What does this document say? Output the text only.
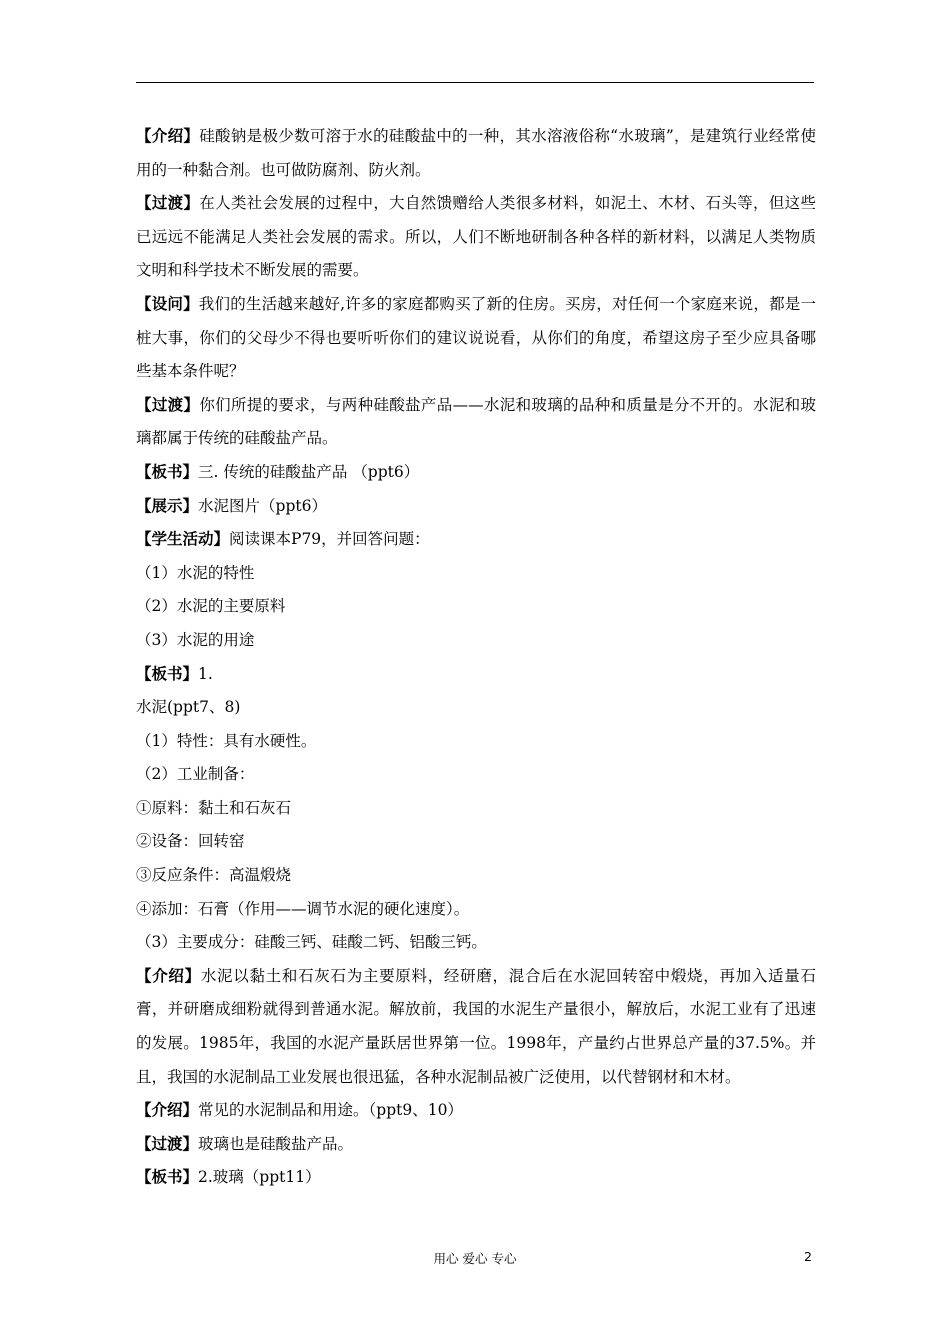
【介绍】硅酸钠是极少数可溶于水的硅酸盐中的一种，其水溶液俗称“水玻璃”，是建筑行业经常使用的一种黏合剂。也可做防腐剂、防火剂。

【过渡】在人类社会发展的过程中，大自然馈赠给人类很多材料，如泥土、木材、石头等，但这些已远远不能满足人类社会发展的需求。所以，人们不断地研制各种各样的新材料，以满足人类物质文明和科学技术不断发展的需要。

【设问】我们的生活越来越好,许多的家庭都购买了新的住房。买房，对任何一个家庭来说，都是一桩大事，你们的父母少不得也要听听你们的建议说说看，从你们的角度，希望这房子至少应具备哪些基本条件呢？

【过渡】你们所提的要求，与两种硅酸盐产品——水泥和玻璃的品种和质量是分不开的。水泥和玻璃都属于传统的硅酸盐产品。

【板书】三. 传统的硅酸盐产品 （ppt6）

【展示】水泥图片（ppt6）

【学生活动】阅读课本P79，并回答问题：

（1）水泥的特性

（2）水泥的主要原料

（3）水泥的用途

【板书】1.

水泥(ppt7、8)

（1）特性：具有水硬性。

（2）工业制备：

①原料：黏土和石灰石

②设备：回转窑

③反应条件：高温煅烧

④添加：石膏（作用——调节水泥的硬化速度）。

（3）主要成分：硅酸三钙、硅酸二钙、铝酸三钙。

【介绍】水泥以黏土和石灰石为主要原料，经研磨，混合后在水泥回转窑中煅烧，再加入适量石膏，并研磨成细粉就得到普通水泥。解放前，我国的水泥生产量很小，解放后，水泥工业有了迅速的发展。1985年，我国的水泥产量跃居世界第一位。1998年，产量约占世界总产量的37.5%。并且，我国的水泥制品工业发展也很迅猛，各种水泥制品被广泛使用，以代替钢材和木材。

【介绍】常见的水泥制品和用途。（ppt9、10）

【过渡】玻璃也是硅酸盐产品。

【板书】2.玻璃（ppt11）

用心 爱心 专心	2
